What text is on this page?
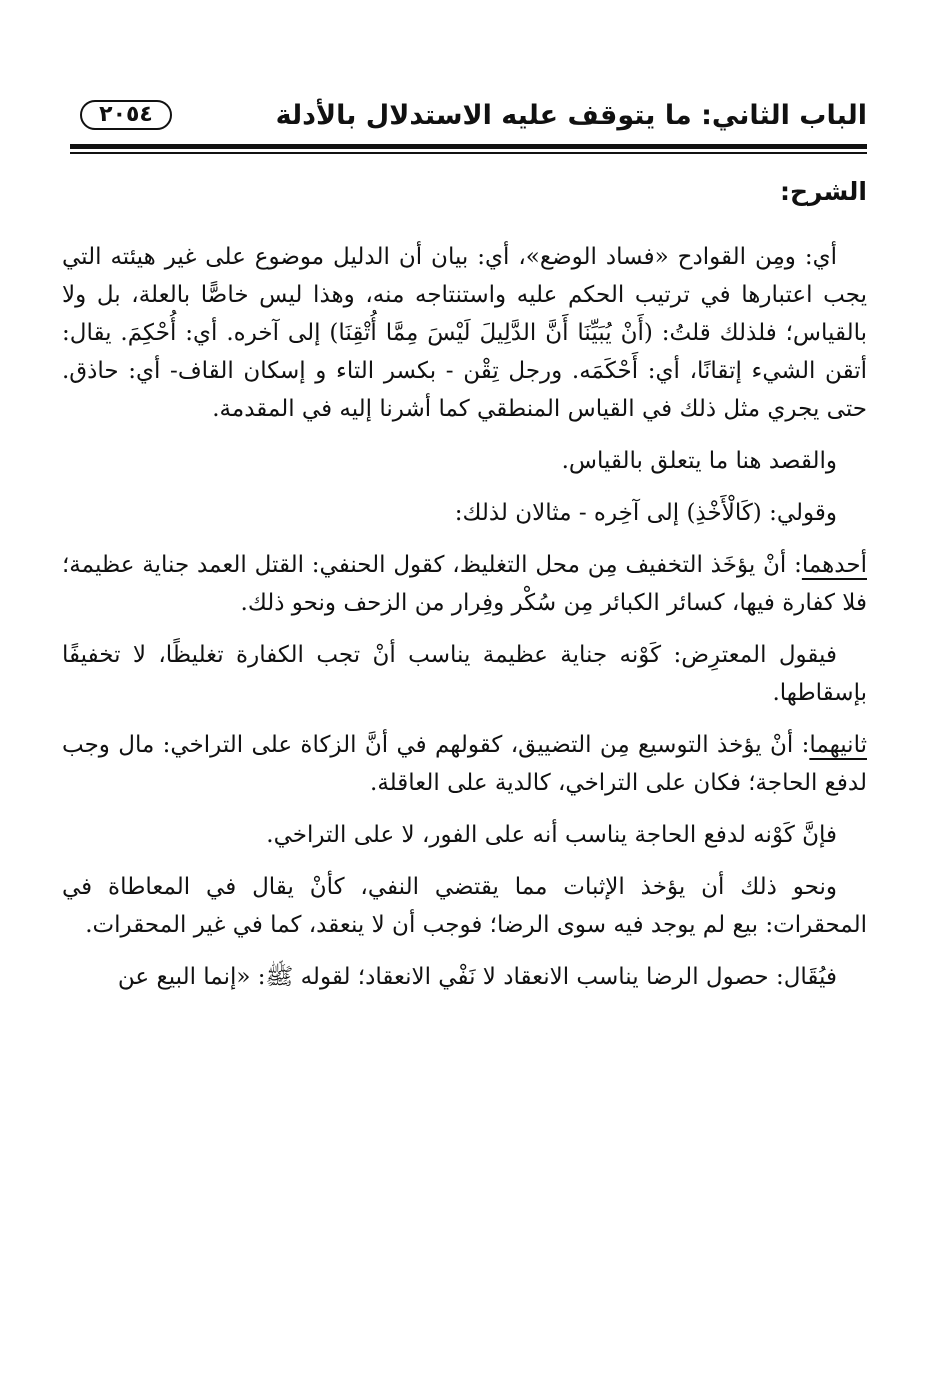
الباب الثاني: ما يتوقف عليه الاستدلال بالأدلة
٢٠٥٤
الشرح:

أي: ومِن القوادح «فساد الوضع»، أي: بيان أن الدليل موضوع على غير هيئته التي يجب اعتبارها في ترتيب الحكم عليه واستنتاجه منه، وهذا ليس خاصًّا بالعلة، بل ولا بالقياس؛ فلذلك قلتُ: (أَنْ يُبَيِّنَا أَنَّ الدَّلِيلَ لَيْسَ مِمَّا أُتْقِنَا) إلى آخره. أي: أُحْكِمَ. يقال: أتقن الشيء إتقانًا، أي: أَحْكَمَه. ورجل تِقْن - بكسر التاء و إسكان القاف- أي: حاذق. حتى يجري مثل ذلك في القياس المنطقي كما أشرنا إليه في المقدمة.

والقصد هنا ما يتعلق بالقياس.

وقولي: (كَالْأَخْذِ) إلى آخِره - مثالان لذلك:

أحدهما: أنْ يؤخَذ التخفيف مِن محل التغليظ، كقول الحنفي: القتل العمد جناية عظيمة؛ فلا كفارة فيها، كسائر الكبائر مِن سُكْر وفِرار من الزحف ونحو ذلك.

فيقول المعترِض: كَوْنه جناية عظيمة يناسب أنْ تجب الكفارة تغليظًا، لا تخفيفًا بإسقاطها.

ثانيهما: أنْ يؤخذ التوسيع مِن التضييق، كقولهم في أنَّ الزكاة على التراخي: مال وجب لدفع الحاجة؛ فكان على التراخي، كالدية على العاقلة.

فإنَّ كَوْنه لدفع الحاجة يناسب أنه على الفور، لا على التراخي.

ونحو ذلك أن يؤخذ الإثبات مما يقتضي النفي، كأنْ يقال في المعاطاة في المحقرات: بيع لم يوجد فيه سوى الرضا؛ فوجب أن لا ينعقد، كما في غير المحقرات.

فيُقَال: حصول الرضا يناسب الانعقاد لا نَفْي الانعقاد؛ لقوله ﷺ: «إنما البيع عن
